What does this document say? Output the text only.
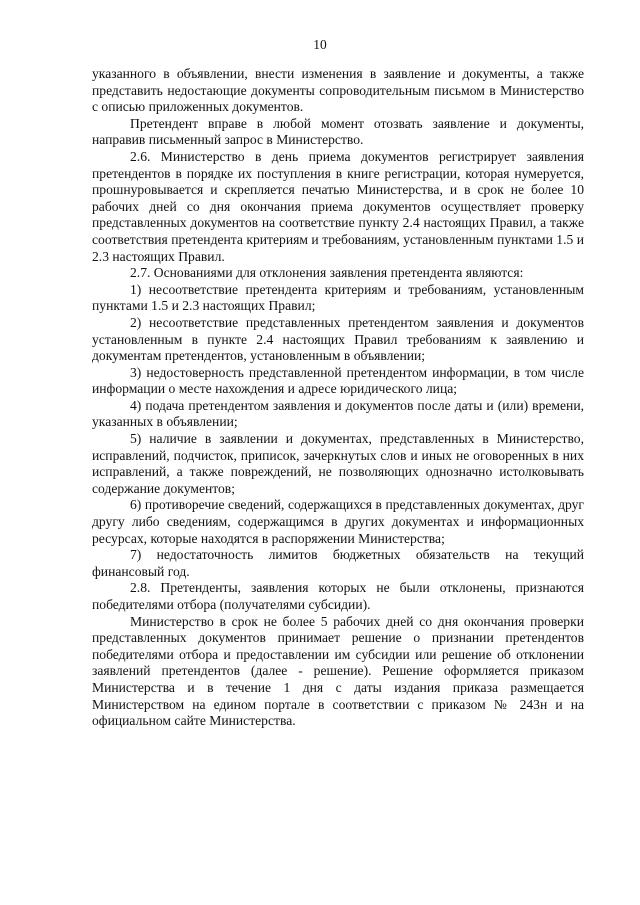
10

указанного в объявлении, внести изменения в заявление и документы, а также представить недостающие документы сопроводительным письмом в Министерство с описью приложенных документов.

Претендент вправе в любой момент отозвать заявление и документы, направив письменный запрос в Министерство.

2.6. Министерство в день приема документов регистрирует заявления претендентов в порядке их поступления в книге регистрации, которая нумеруется, прошнуровывается и скрепляется печатью Министерства, и в срок не более 10 рабочих дней со дня окончания приема документов осуществляет проверку представленных документов на соответствие пункту 2.4 настоящих Правил, а также соответствия претендента критериям и требованиям, установленным пунктами 1.5 и 2.3 настоящих Правил.

2.7. Основаниями для отклонения заявления претендента являются:

1) несоответствие претендента критериям и требованиям, установленным пунктами 1.5 и 2.3 настоящих Правил;

2) несоответствие представленных претендентом заявления и документов установленным в пункте 2.4 настоящих Правил требованиям к заявлению и документам претендентов, установленным в объявлении;

3) недостоверность представленной претендентом информации, в том числе информации о месте нахождения и адресе юридического лица;

4) подача претендентом заявления и документов после даты и (или) времени, указанных в объявлении;

5) наличие в заявлении и документах, представленных в Министерство, исправлений, подчисток, приписок, зачеркнутых слов и иных не оговоренных в них исправлений, а также повреждений, не позволяющих однозначно истолковывать содержание документов;

6) противоречие сведений, содержащихся в представленных документах, друг другу либо сведениям, содержащимся в других документах и информационных ресурсах, которые находятся в распоряжении Министерства;

7) недостаточность лимитов бюджетных обязательств на текущий финансовый год.

2.8. Претенденты, заявления которых не были отклонены, признаются победителями отбора (получателями субсидии).

Министерство в срок не более 5 рабочих дней со дня окончания проверки представленных документов принимает решение о признании претендентов победителями отбора и предоставлении им субсидии или решение об отклонении заявлений претендентов (далее - решение). Решение оформляется приказом Министерства и в течение 1 дня с даты издания приказа размещается Министерством на едином портале в соответствии с приказом № 243н и на официальном сайте Министерства.
